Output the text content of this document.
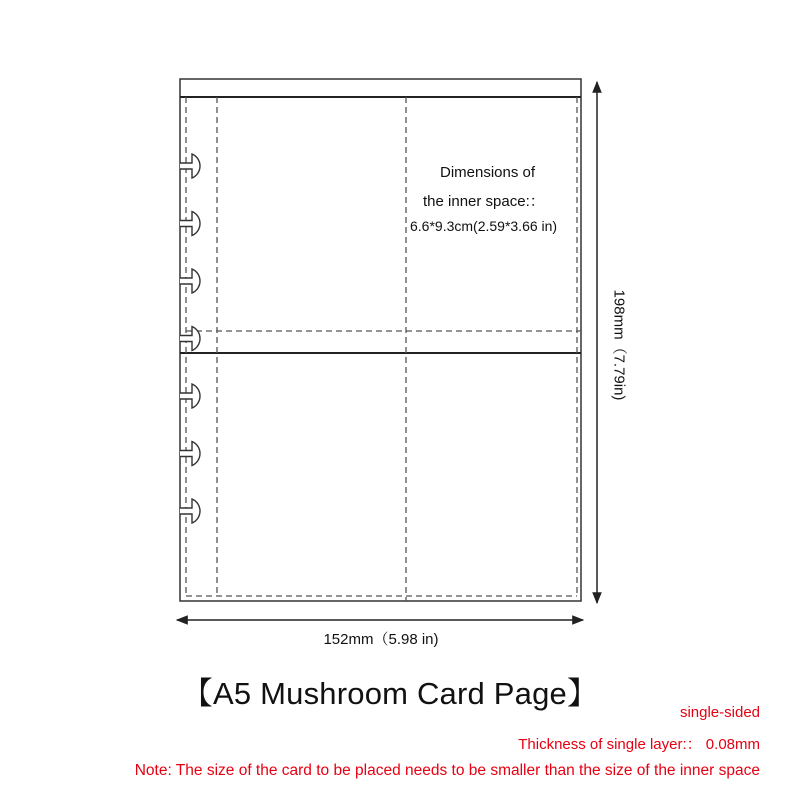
Dimensions of
the inner space:：
6.6*9.3cm(2.59*3.66 in)
152mm（5.98 in)
198mm（7.79in)
【A5 Mushroom Card Page】
single-sided
Thickness of single layer:： 0.08mm
Note: The size of the card to be placed needs to be smaller than the size of the inner space
